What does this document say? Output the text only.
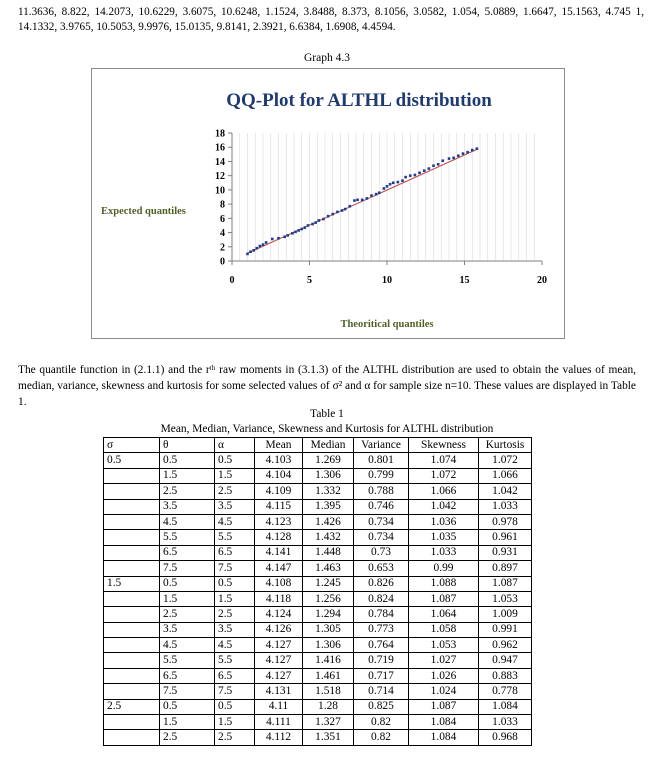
11.3636, 8.822, 14.2073, 10.6229, 3.6075, 10.6248, 1.1524, 3.8488, 8.373, 8.1056, 3.0582, 1.054, 5.0889, 1.6647, 15.1563, 4.745 1, 14.1332, 3.9765, 10.5053, 9.9976, 15.0135, 9.8141, 2.3921, 6.6384, 1.6908, 4.4594.
Graph 4.3
QQ-Plot for ALTHL distribution
Expected quantiles
Theoritical quantiles
0
2
4
6
8
10
12
14
16
18
0	5	10	15	20
The quantile function in (2.1.1) and the rᵗʰ raw moments in (3.1.3) of the ALTHL distribution are used to obtain the values of mean, median, variance, skewness and kurtosis for some selected values of σ² and α for sample size n=10. These values are displayed in Table 1.
Table 1
Mean, Median, Variance, Skewness and Kurtosis for ALTHL distribution
σ	θ	α	Mean	Median	Variance	Skewness	Kurtosis
0.5	0.5	0.5	4.103	1.269	0.801	1.074	1.072
	1.5	1.5	4.104	1.306	0.799	1.072	1.066
	2.5	2.5	4.109	1.332	0.788	1.066	1.042
	3.5	3.5	4.115	1.395	0.746	1.042	1.033
	4.5	4.5	4.123	1.426	0.734	1.036	0.978
	5.5	5.5	4.128	1.432	0.734	1.035	0.961
	6.5	6.5	4.141	1.448	0.73	1.033	0.931
	7.5	7.5	4.147	1.463	0.653	0.99	0.897
1.5	0.5	0.5	4.108	1.245	0.826	1.088	1.087
	1.5	1.5	4.118	1.256	0.824	1.087	1.053
	2.5	2.5	4.124	1.294	0.784	1.064	1.009
	3.5	3.5	4.126	1.305	0.773	1.058	0.991
	4.5	4.5	4.127	1.306	0.764	1.053	0.962
	5.5	5.5	4.127	1.416	0.719	1.027	0.947
	6.5	6.5	4.127	1.461	0.717	1.026	0.883
	7.5	7.5	4.131	1.518	0.714	1.024	0.778
2.5	0.5	0.5	4.11	1.28	0.825	1.087	1.084
	1.5	1.5	4.111	1.327	0.82	1.084	1.033
	2.5	2.5	4.112	1.351	0.82	1.084	0.968
